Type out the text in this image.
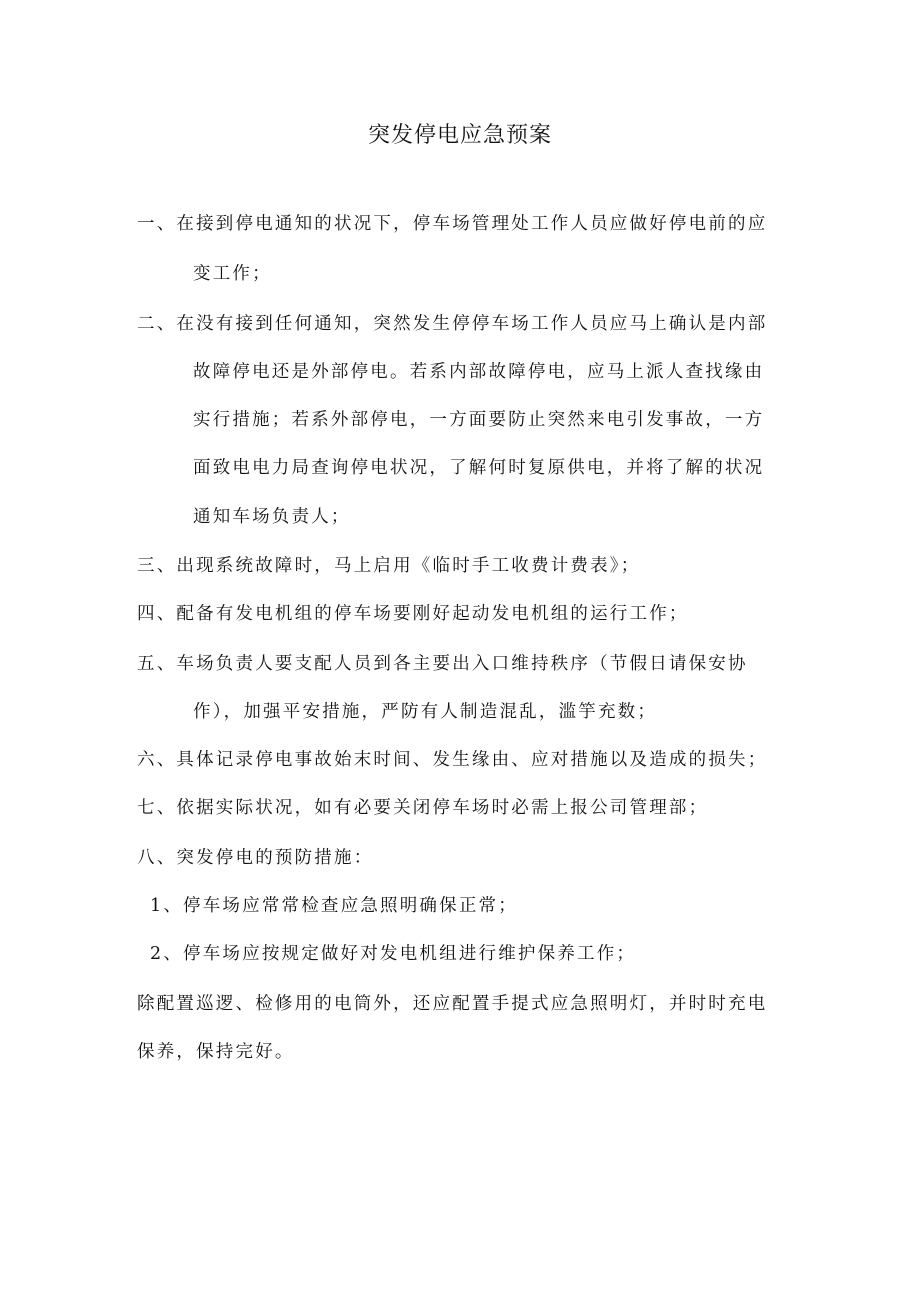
突发停电应急预案
一、在接到停电通知的状况下，停车场管理处工作人员应做好停电前的应
变工作；
二、在没有接到任何通知，突然发生停停车场工作人员应马上确认是内部
故障停电还是外部停电。若系内部故障停电，应马上派人查找缘由
实行措施；若系外部停电，一方面要防止突然来电引发事故，一方
面致电电力局查询停电状况，了解何时复原供电，并将了解的状况
通知车场负责人；
三、出现系统故障时，马上启用《临时手工收费计费表》；
四、配备有发电机组的停车场要刚好起动发电机组的运行工作；
五、车场负责人要支配人员到各主要出入口维持秩序（节假日请保安协
作），加强平安措施，严防有人制造混乱，滥竽充数；
六、具体记录停电事故始末时间、发生缘由、应对措施以及造成的损失；
七、依据实际状况，如有必要关闭停车场时必需上报公司管理部；
八、突发停电的预防措施：
1、停车场应常常检查应急照明确保正常；
2、停车场应按规定做好对发电机组进行维护保养工作；
除配置巡逻、检修用的电筒外，还应配置手提式应急照明灯，并时时充电
保养，保持完好。
